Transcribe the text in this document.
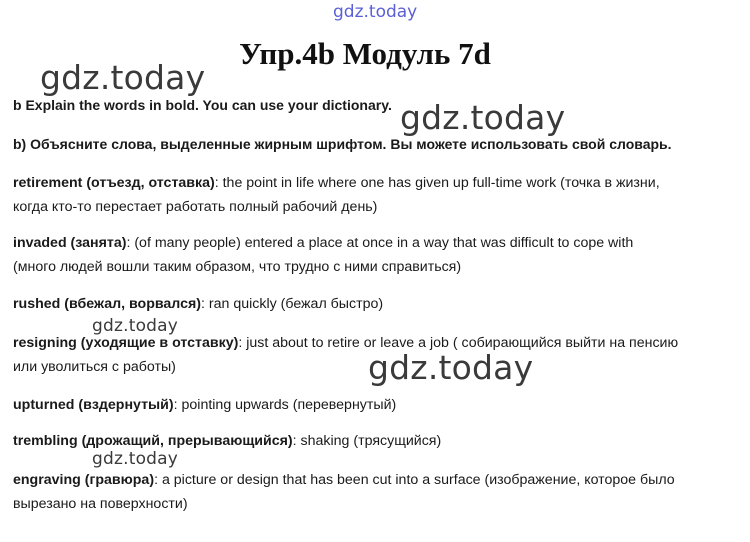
gdz.today
gdz.today
gdz.today
gdz.today
gdz.today
gdz.today
Упр.4b Модуль 7d

b Explain the words in bold. You can use your dictionary.

b) Объясните слова, выделенные жирным шрифтом. Вы можете использовать свой словарь.

retirement (отъезд, отставка): the point in life where one has given up full-time work (точка в жизни,

когда кто-то перестает работать полный рабочий день)

invaded (занята): (of many people) entered a place at once in a way that was difficult to cope with

(много людей вошли таким образом, что трудно с ними справиться)

rushed (вбежал, ворвался): ran quickly (бежал быстро)

resigning (уходящие в отставку): just about to retire or leave a job ( собирающийся выйти на пенсию

или уволиться с работы)

upturned (вздернутый): pointing upwards (перевернутый)

trembling (дрожащий, прерывающийся): shaking (трясущийся)

engraving (гравюра): a picture or design that has been cut into a surface (изображение, которое было

вырезано на поверхности)
